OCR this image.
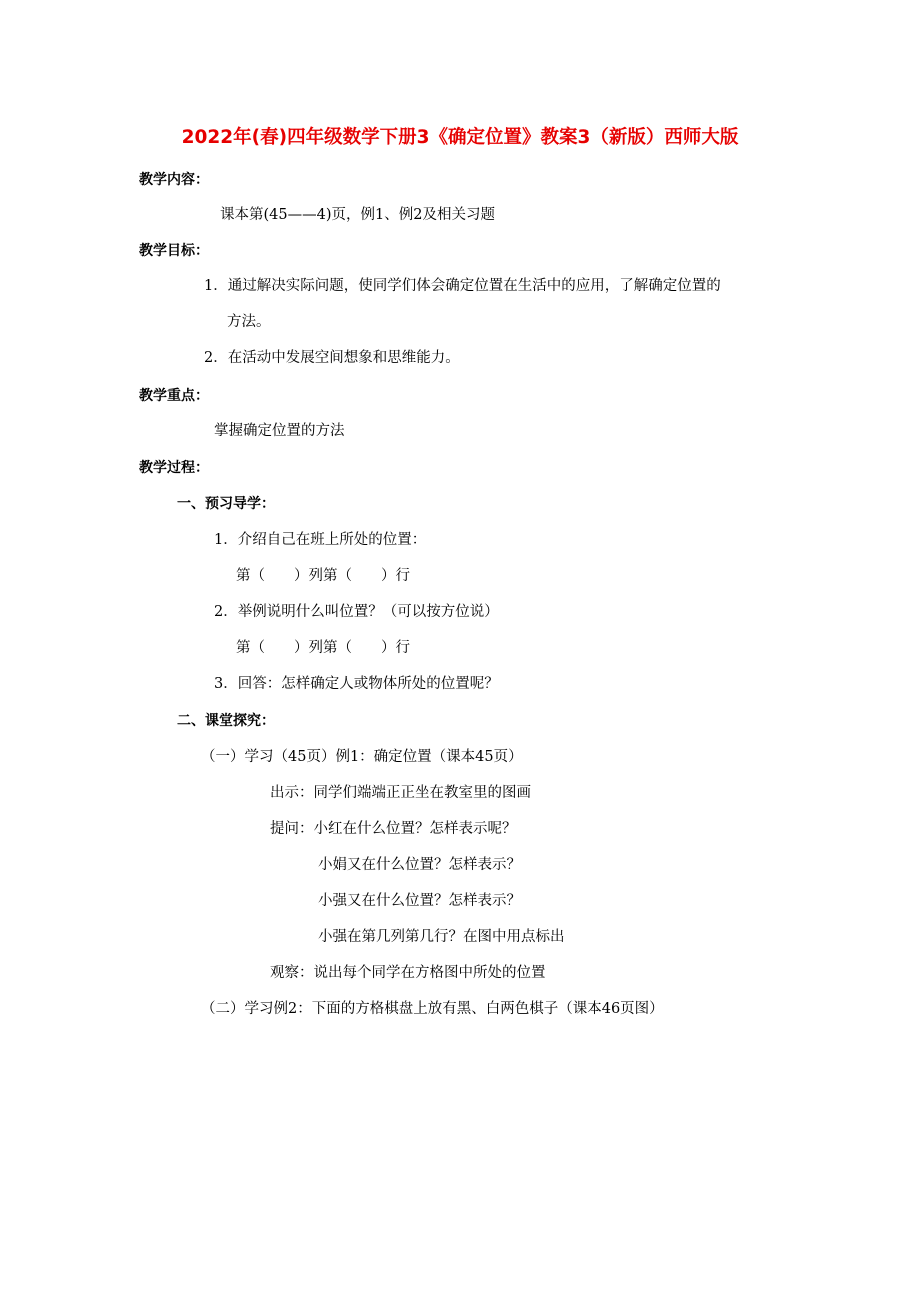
2022年(春)四年级数学下册3《确定位置》教案3（新版）西师大版
教学内容：
课本第(45——4)页，例1、例2及相关习题
教学目标：
1．通过解决实际问题，使同学们体会确定位置在生活中的应用，了解确定位置的
方法。
2．在活动中发展空间想象和思维能力。
教学重点：
掌握确定位置的方法
教学过程：
一、预习导学：
1．介绍自己在班上所处的位置：
第（　　）列第（　　）行
2．举例说明什么叫位置？（可以按方位说）
第（　　）列第（　　）行
3．回答：怎样确定人或物体所处的位置呢？
二、课堂探究：
（一）学习（45页）例1：确定位置（课本45页）
出示：同学们端端正正坐在教室里的图画
提问：小红在什么位置？怎样表示呢？
小娟又在什么位置？怎样表示？
小强又在什么位置？怎样表示？
小强在第几列第几行？在图中用点标出
观察：说出每个同学在方格图中所处的位置
（二）学习例2：下面的方格棋盘上放有黑、白两色棋子（课本46页图）
